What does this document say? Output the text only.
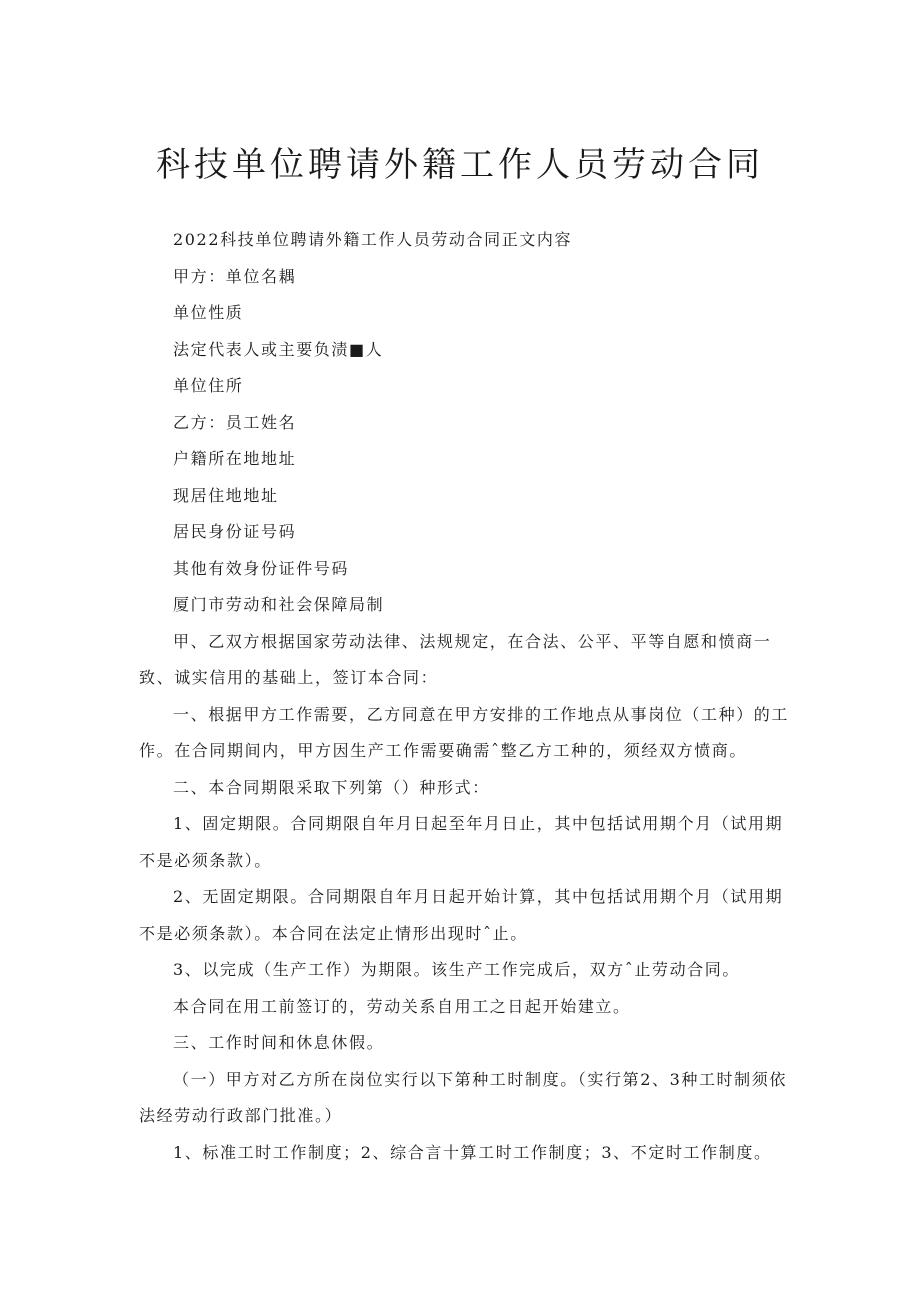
科技单位聘请外籍工作人员劳动合同

2022科技单位聘请外籍工作人员劳动合同正文内容

甲方：单位名耦

单位性质

法定代表人或主要负渍■人

单位住所

乙方：员工姓名

户籍所在地地址

现居住地地址

居民身份证号码

其他有效身份证件号码

厦门市劳动和社会保障局制

甲、乙双方根据国家劳动法律、法规规定，在合法、公平、平等自愿和愤商一致、诚实信用的基础上，签订本合同：

一、根据甲方工作需要，乙方同意在甲方安排的工作地点从事岗位（工种）的工作。在合同期间内，甲方因生产工作需要确需ˆ整乙方工种的，须经双方愤商。

二、本合同期限采取下列第（）种形式：

1、固定期限。合同期限自年月日起至年月日止，其中包括试用期个月（试用期不是必须条款）。

2、无固定期限。合同期限自年月日起开始计算，其中包括试用期个月（试用期不是必须条款）。本合同在法定止情形出现时ˆ止。

3、以完成（生产工作）为期限。该生产工作完成后，双方ˆ止劳动合同。

本合同在用工前签订的，劳动关系自用工之日起开始建立。

三、工作时间和休息休假。

（一）甲方对乙方所在岗位实行以下第种工时制度。（实行第2、3种工时制须依法经劳动行政部门批准。）

1、标准工时工作制度；2、综合言十算工时工作制度；3、不定时工作制度。
